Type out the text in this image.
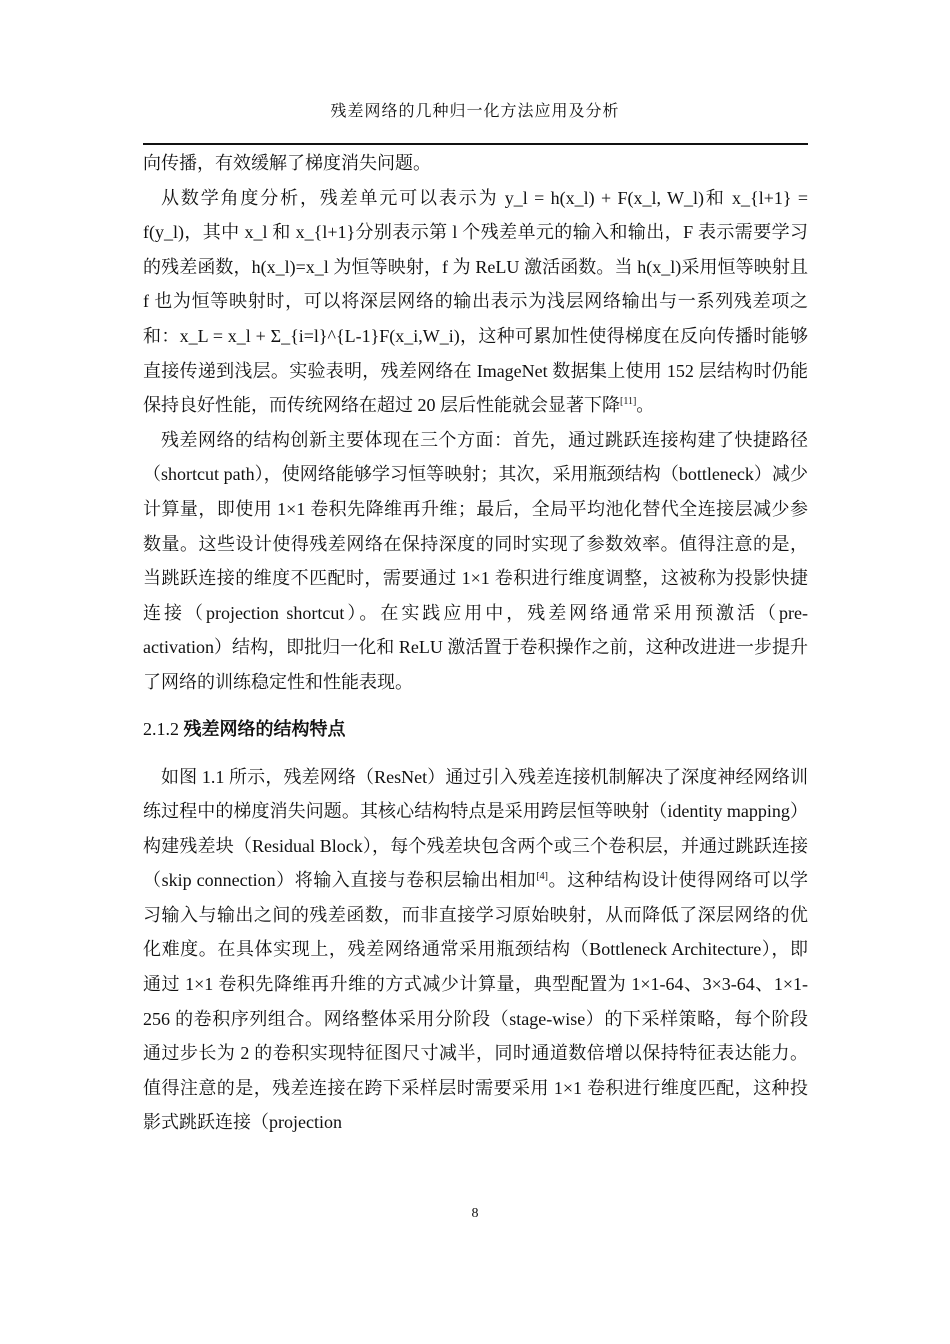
残差网络的几种归一化方法应用及分析

向传播，有效缓解了梯度消失问题。

从数学角度分析，残差单元可以表示为 y_l = h(x_l) + F(x_l, W_l)和 x_{l+1} = f(y_l)，其中 x_l 和 x_{l+1}分别表示第 l 个残差单元的输入和输出，F 表示需要学习的残差函数，h(x_l)=x_l 为恒等映射，f 为 ReLU 激活函数。当 h(x_l)采用恒等映射且 f 也为恒等映射时，可以将深层网络的输出表示为浅层网络输出与一系列残差项之和：x_L = x_l + Σ_{i=l}^{L-1}F(x_i,W_i)，这种可累加性使得梯度在反向传播时能够直接传递到浅层。实验表明，残差网络在 ImageNet 数据集上使用 152 层结构时仍能保持良好性能，而传统网络在超过 20 层后性能就会显著下降[11]。

残差网络的结构创新主要体现在三个方面：首先，通过跳跃连接构建了快捷路径（shortcut path），使网络能够学习恒等映射；其次，采用瓶颈结构（bottleneck）减少计算量，即使用 1×1 卷积先降维再升维；最后，全局平均池化替代全连接层减少参数量。这些设计使得残差网络在保持深度的同时实现了参数效率。值得注意的是，当跳跃连接的维度不匹配时，需要通过 1×1 卷积进行维度调整，这被称为投影快捷连接（projection shortcut）。在实践应用中，残差网络通常采用预激活（pre-activation）结构，即批归一化和 ReLU 激活置于卷积操作之前，这种改进进一步提升了网络的训练稳定性和性能表现。

2.1.2 残差网络的结构特点

如图 1.1 所示，残差网络（ResNet）通过引入残差连接机制解决了深度神经网络训练过程中的梯度消失问题。其核心结构特点是采用跨层恒等映射（identity mapping）构建残差块（Residual Block），每个残差块包含两个或三个卷积层，并通过跳跃连接（skip connection）将输入直接与卷积层输出相加[4]。这种结构设计使得网络可以学习输入与输出之间的残差函数，而非直接学习原始映射，从而降低了深层网络的优化难度。在具体实现上，残差网络通常采用瓶颈结构（Bottleneck Architecture），即通过 1×1 卷积先降维再升维的方式减少计算量，典型配置为 1×1-64、3×3-64、1×1-256 的卷积序列组合。网络整体采用分阶段（stage-wise）的下采样策略，每个阶段通过步长为 2 的卷积实现特征图尺寸减半，同时通道数倍增以保持特征表达能力。值得注意的是，残差连接在跨下采样层时需要采用 1×1 卷积进行维度匹配，这种投影式跳跃连接（projection

8
